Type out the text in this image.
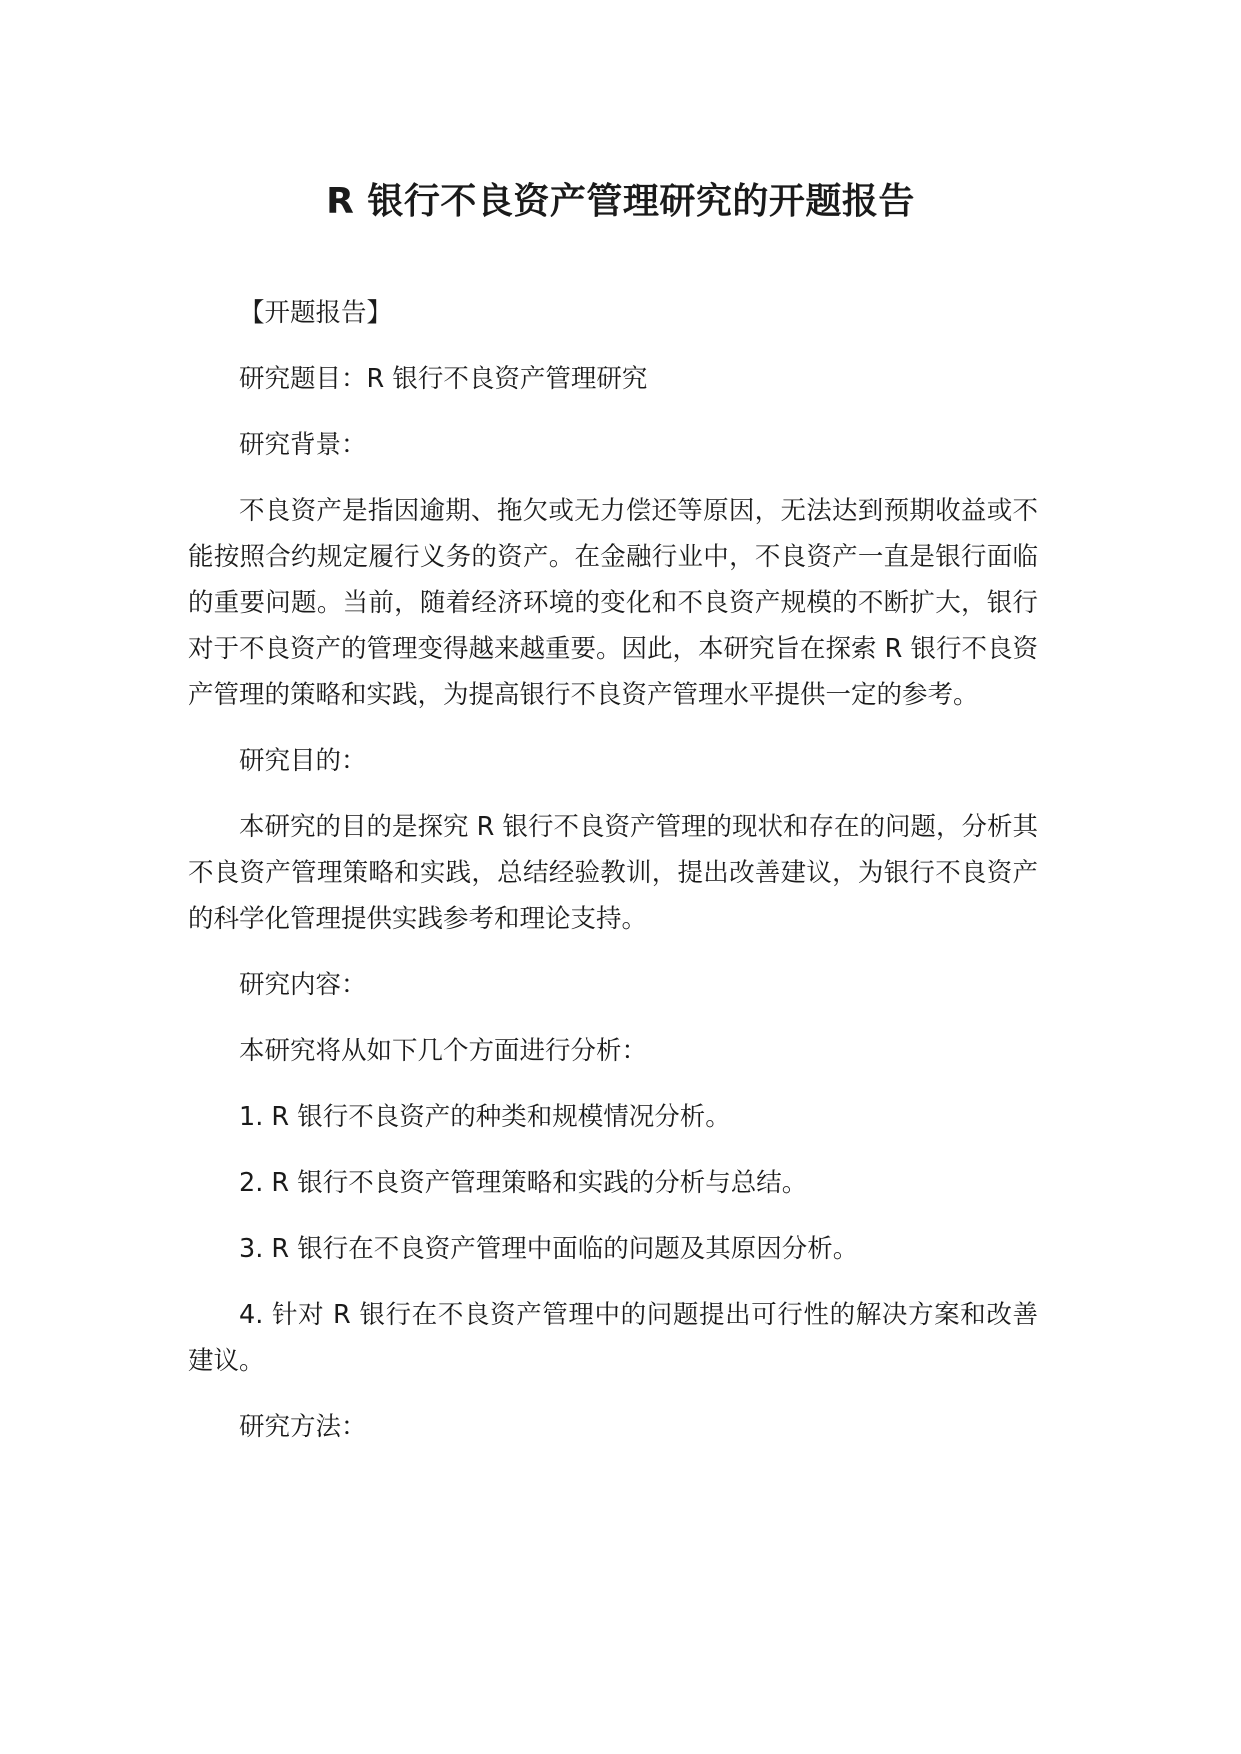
R 银行不良资产管理研究的开题报告

【开题报告】

研究题目：R 银行不良资产管理研究

研究背景：

不良资产是指因逾期、拖欠或无力偿还等原因，无法达到预期收益或不能按照合约规定履行义务的资产。在金融行业中，不良资产一直是银行面临的重要问题。当前，随着经济环境的变化和不良资产规模的不断扩大，银行对于不良资产的管理变得越来越重要。因此，本研究旨在探索 R 银行不良资产管理的策略和实践，为提高银行不良资产管理水平提供一定的参考。

研究目的：

本研究的目的是探究 R 银行不良资产管理的现状和存在的问题，分析其不良资产管理策略和实践，总结经验教训，提出改善建议，为银行不良资产的科学化管理提供实践参考和理论支持。

研究内容：

本研究将从如下几个方面进行分析：

1. R 银行不良资产的种类和规模情况分析。

2. R 银行不良资产管理策略和实践的分析与总结。

3. R 银行在不良资产管理中面临的问题及其原因分析。

4. 针对 R 银行在不良资产管理中的问题提出可行性的解决方案和改善建议。

研究方法：
